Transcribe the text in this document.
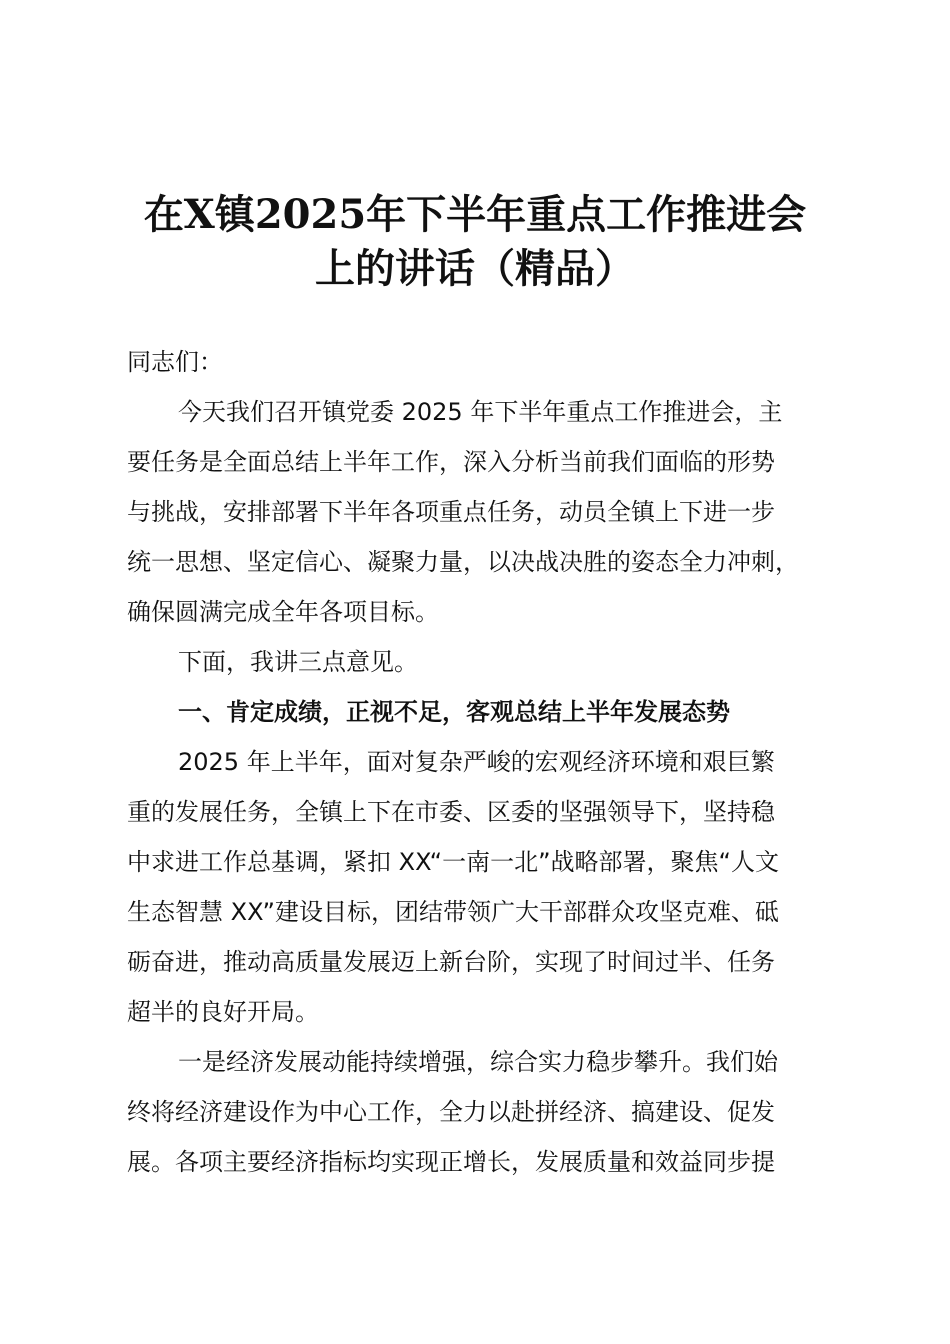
在X镇2025年下半年重点工作推进会
上的讲话（精品）

同志们：

今天我们召开镇党委 2025 年下半年重点工作推进会，主

要任务是全面总结上半年工作，深入分析当前我们面临的形势

与挑战，安排部署下半年各项重点任务，动员全镇上下进一步

统一思想、坚定信心、凝聚力量，以决战决胜的姿态全力冲刺，

确保圆满完成全年各项目标。

下面，我讲三点意见。

一、肯定成绩，正视不足，客观总结上半年发展态势

2025 年上半年，面对复杂严峻的宏观经济环境和艰巨繁

重的发展任务，全镇上下在市委、区委的坚强领导下，坚持稳

中求进工作总基调，紧扣 XX“一南一北”战略部署，聚焦“人文

生态智慧 XX”建设目标，团结带领广大干部群众攻坚克难、砥

砺奋进，推动高质量发展迈上新台阶，实现了时间过半、任务

超半的良好开局。

一是经济发展动能持续增强，综合实力稳步攀升。我们始

终将经济建设作为中心工作，全力以赴拼经济、搞建设、促发

展。各项主要经济指标均实现正增长，发展质量和效益同步提
